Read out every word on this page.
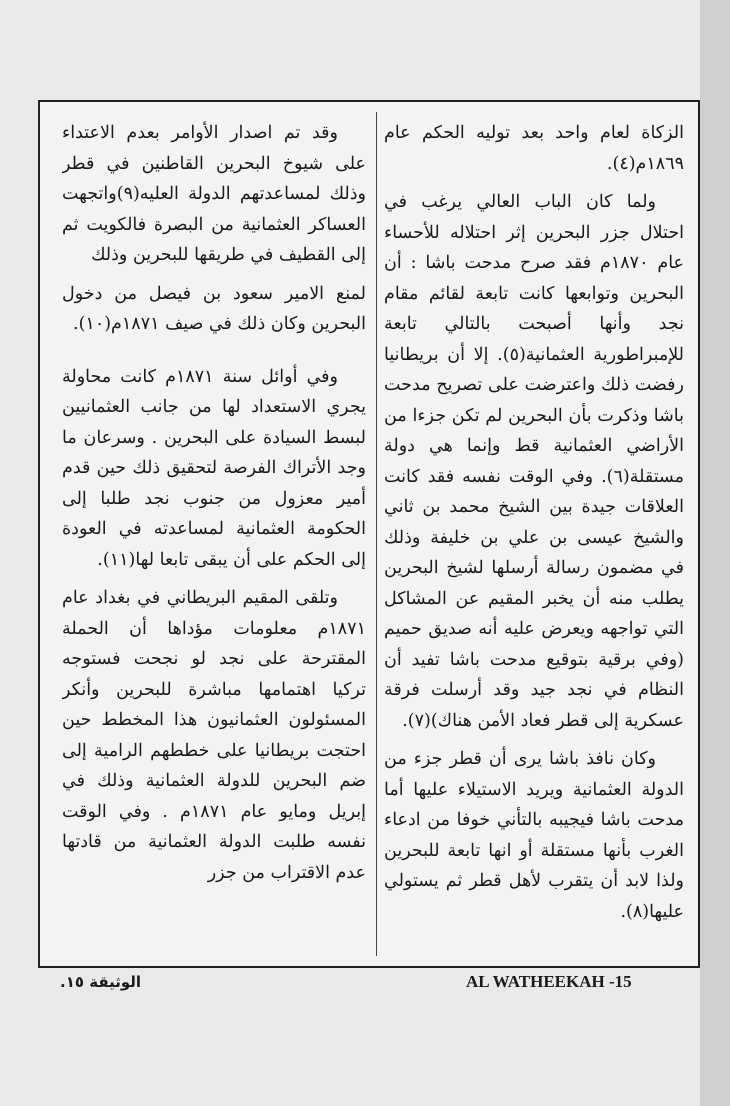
الزكاة لعام واحد بعد توليه الحكم عام ١٨٦٩م(٤).

ولما كان الباب العالي يرغب في احتلال جزر البحرين إثر احتلاله للأحساء عام ١٨٧٠م فقد صرح مدحت باشا : أن البحرين وتوابعها كانت تابعة لقائم مقام نجد وأنها أصبحت بالتالي تابعة للإمبراطورية العثمانية(٥). إلا أن بريطانيا رفضت ذلك واعترضت على تصريح مدحت باشا وذكرت بأن البحرين لم تكن جزءا من الأراضي العثمانية قط وإنما هي دولة مستقلة(٦). وفي الوقت نفسه فقد كانت العلاقات جيدة بين الشيخ محمد بن ثاني والشيخ عيسى بن علي بن خليفة وذلك في مضمون رسالة أرسلها لشيخ البحرين يطلب منه أن يخبر المقيم عن المشاكل التي تواجهه ويعرض عليه أنه صديق حميم (وفي برقية بتوقيع مدحت باشا تفيد أن النظام في نجد جيد وقد أرسلت فرقة عسكرية إلى قطر فعاد الأمن هناك)(٧).

وكان نافذ باشا يرى أن قطر جزء من الدولة العثمانية ويريد الاستيلاء عليها أما مدحت باشا فيجيبه بالتأني خوفا من ادعاء الغرب بأنها مستقلة أو انها تابعة للبحرين ولذا لابد أن يتقرب لأهل قطر ثم يستولي عليها(٨).

وقد تم اصدار الأوامر بعدم الاعتداء على شيوخ البحرين القاطنين في قطر وذلك لمساعدتهم الدولة العليه(٩)واتجهت العساكر العثمانية من البصرة فالكويت ثم إلى القطيف في طريقها للبحرين وذلك

لمنع الامير سعود بن فيصل من دخول البحرين وكان ذلك في صيف ١٨٧١م(١٠).

وفي أوائل سنة ١٨٧١م كانت محاولة يجري الاستعداد لها من جانب العثمانيين لبسط السيادة على البحرين . وسرعان ما وجد الأتراك الفرصة لتحقيق ذلك حين قدم أمير معزول من جنوب نجد طلبا إلى الحكومة العثمانية لمساعدته في العودة إلى الحكم على أن يبقى تابعا لها(١١).

وتلقى المقيم البريطاني في بغداد عام ١٨٧١م معلومات مؤداها أن الحملة المقترحة على نجد لو نجحت فستوجه تركيا اهتمامها مباشرة للبحرين وأنكر المسئولون العثمانيون هذا المخطط حين احتجت بريطانيا على خططهم الرامية إلى ضم البحرين للدولة العثمانية وذلك في إبريل ومايو عام ١٨٧١م . وفي الوقت نفسه طلبت الدولة العثمانية من قادتها عدم الاقتراب من جزر

الوثيقة ١٥.	AL WATHEEKAH -15
